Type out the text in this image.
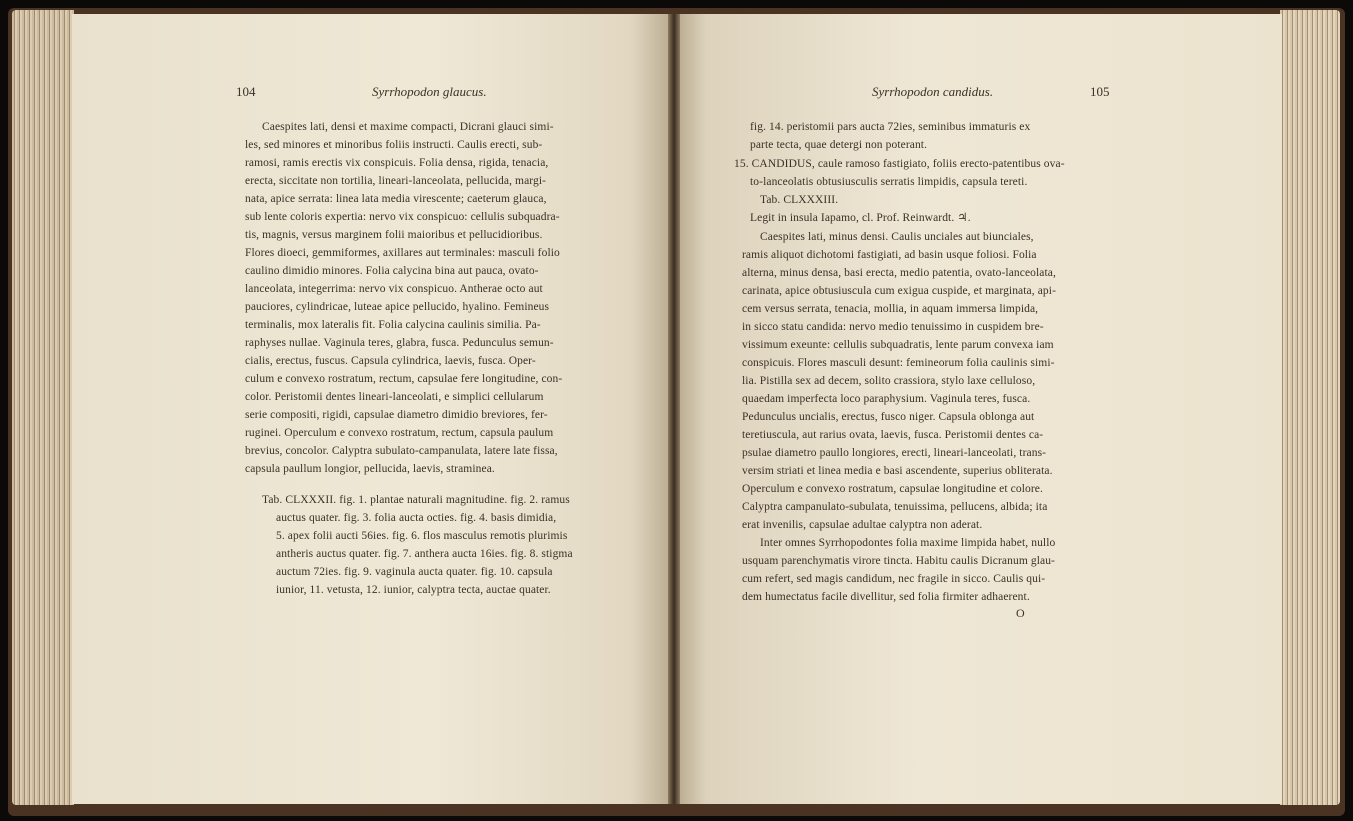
104	Syrrhopodon glaucus.	Syrrhopodon candidus.	105
Caespites lati, densi et maxime compacti, Dicrani glauci simi-
les, sed minores et minoribus foliis instructi. Caulis erecti, sub-
ramosi, ramis erectis vix conspicuis. Folia densa, rigida, tenacia,
erecta, siccitate non tortilia, lineari-lanceolata, pellucida, margi-
nata, apice serrata: linea lata media virescente; caeterum glauca,
sub lente coloris expertia: nervo vix conspicuo: cellulis subquadra-
tis, magnis, versus marginem folii maioribus et pellucidioribus.
Flores dioeci, gemmiformes, axillares aut terminales: masculi folio
caulino dimidio minores. Folia calycina bina aut pauca, ovato-
lanceolata, integerrima: nervo vix conspicuo. Antherae octo aut
pauciores, cylindricae, luteae apice pellucido, hyalino. Femineus
terminalis, mox lateralis fit. Folia calycina caulinis similia. Pa-
raphyses nullae. Vaginula teres, glabra, fusca. Pedunculus semun-
cialis, erectus, fuscus. Capsula cylindrica, laevis, fusca. Oper-
culum e convexo rostratum, rectum, capsulae fere longitudine, con-
color. Peristomii dentes lineari-lanceolati, e simplici cellularum
serie compositi, rigidi, capsulae diametro dimidio breviores, fer-
ruginei. Operculum e convexo rostratum, rectum, capsula paulum
brevius, concolor. Calyptra subulato-campanulata, latere late fissa,
capsula paullum longior, pellucida, laevis, straminea.
Tab. CLXXXII. fig. 1. plantae naturali magnitudine. fig. 2. ramus
auctus quater. fig. 3. folia aucta octies. fig. 4. basis dimidia,
5. apex folii aucti 56ies. fig. 6. flos masculus remotis plurimis
antheris auctus quater. fig. 7. anthera aucta 16ies. fig. 8. stigma
auctum 72ies. fig. 9. vaginula aucta quater. fig. 10. capsula
iunior, 11. vetusta, 12. iunior, calyptra tecta, auctae quater.
fig. 14. peristomii pars aucta 72ies, seminibus immaturis ex
parte tecta, quae detergi non poterant.
15. CANDIDUS, caule ramoso fastigiato, foliis erecto-patentibus ova-
to-lanceolatis obtusiusculis serratis limpidis, capsula tereti.
Tab. CLXXXIII.
Legit in insula Iapamo, cl. Prof. Reinwardt. ♃.
Caespites lati, minus densi. Caulis unciales aut biunciales,
ramis aliquot dichotomi fastigiati, ad basin usque foliosi. Folia
alterna, minus densa, basi erecta, medio patentia, ovato-lanceolata,
carinata, apice obtusiuscula cum exigua cuspide, et marginata, api-
cem versus serrata, tenacia, mollia, in aquam immersa limpida,
in sicco statu candida: nervo medio tenuissimo in cuspidem bre-
vissimum exeunte: cellulis subquadratis, lente parum convexa iam
conspicuis. Flores masculi desunt: femineorum folia caulinis simi-
lia. Pistilla sex ad decem, solito crassiora, stylo laxe celluloso,
quaedam imperfecta loco paraphysium. Vaginula teres, fusca.
Pedunculus uncialis, erectus, fusco niger. Capsula oblonga aut
teretiuscula, aut rarius ovata, laevis, fusca. Peristomii dentes ca-
psulae diametro paullo longiores, erecti, lineari-lanceolati, trans-
versim striati et linea media e basi ascendente, superius obliterata.
Operculum e convexo rostratum, capsulae longitudine et colore.
Calyptra campanulato-subulata, tenuissima, pellucens, albida; ita
erat invenilis, capsulae adultae calyptra non aderat.
Inter omnes Syrrhopodontes folia maxime limpida habet, nullo
usquam parenchymatis virore tincta. Habitu caulis Dicranum glau-
cum refert, sed magis candidum, nec fragile in sicco. Caulis qui-
dem humectatus facile divellitur, sed folia firmiter adhaerent.
O
